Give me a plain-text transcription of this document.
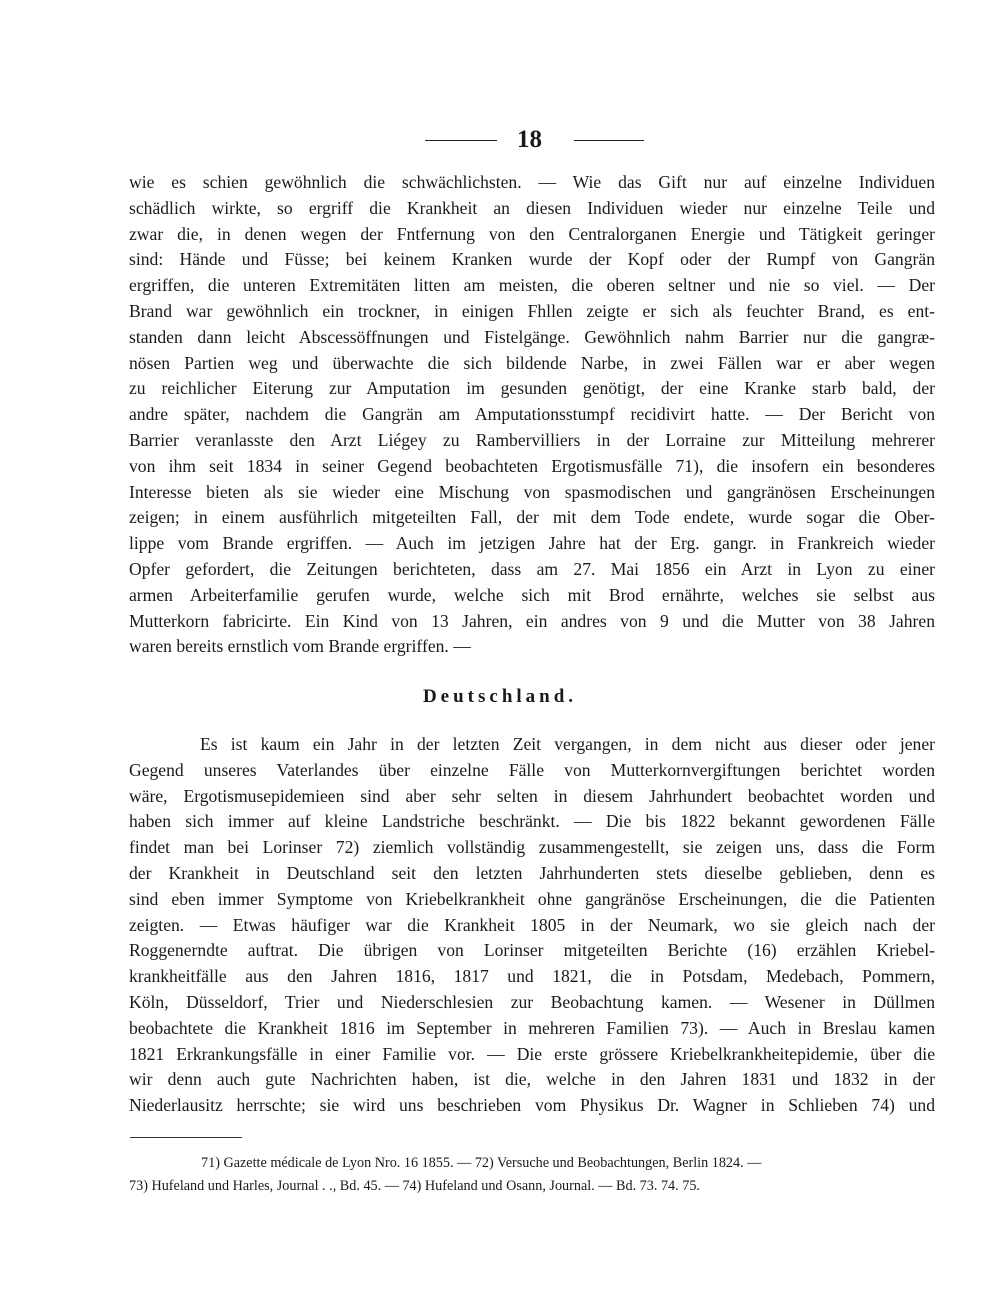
18
wie es schien gewöhnlich die schwächlichsten. — Wie das Gift nur auf einzelne Individuen
schädlich wirkte, so ergriff die Krankheit an diesen Individuen wieder nur einzelne Teile und
zwar die, in denen wegen der Fntfernung von den Centralorganen Energie und Tätigkeit geringer
sind: Hände und Füsse; bei keinem Kranken wurde der Kopf oder der Rumpf von Gangrän
ergriffen, die unteren Extremitäten litten am meisten, die oberen seltner und nie so viel. — Der
Brand war gewöhnlich ein trockner, in einigen Fhllen zeigte er sich als feuchter Brand, es ent-
standen dann leicht Abscessöffnungen und Fistelgänge. Gewöhnlich nahm Barrier nur die gangræ-
nösen Partien weg und überwachte die sich bildende Narbe, in zwei Fällen war er aber wegen
zu reichlicher Eiterung zur Amputation im gesunden genötigt, der eine Kranke starb bald, der
andre später, nachdem die Gangrän am Amputationsstumpf recidivirt hatte. — Der Bericht von
Barrier veranlasste den Arzt Liégey zu Rambervilliers in der Lorraine zur Mitteilung mehrerer
von ihm seit 1834 in seiner Gegend beobachteten Ergotismusfälle 71), die insofern ein besonderes
Interesse bieten als sie wieder eine Mischung von spasmodischen und gangränösen Erscheinungen
zeigen; in einem ausführlich mitgeteilten Fall, der mit dem Tode endete, wurde sogar die Ober-
lippe vom Brande ergriffen. — Auch im jetzigen Jahre hat der Erg. gangr. in Frankreich wieder
Opfer gefordert, die Zeitungen berichteten, dass am 27. Mai 1856 ein Arzt in Lyon zu einer
armen Arbeiterfamilie gerufen wurde, welche sich mit Brod ernährte, welches sie selbst aus
Mutterkorn fabricirte. Ein Kind von 13 Jahren, ein andres von 9 und die Mutter von 38 Jahren
waren bereits ernstlich vom Brande ergriffen. —
Deutschland.
Es ist kaum ein Jahr in der letzten Zeit vergangen, in dem nicht aus dieser oder jener
Gegend unseres Vaterlandes über einzelne Fälle von Mutterkornvergiftungen berichtet worden
wäre, Ergotismusepidemieen sind aber sehr selten in diesem Jahrhundert beobachtet worden und
haben sich immer auf kleine Landstriche beschränkt. — Die bis 1822 bekannt gewordenen Fälle
findet man bei Lorinser 72) ziemlich vollständig zusammengestellt, sie zeigen uns, dass die Form
der Krankheit in Deutschland seit den letzten Jahrhunderten stets dieselbe geblieben, denn es
sind eben immer Symptome von Kriebelkrankheit ohne gangränöse Erscheinungen, die die Patienten
zeigten. — Etwas häufiger war die Krankheit 1805 in der Neumark, wo sie gleich nach der
Roggenerndte auftrat. Die übrigen von Lorinser mitgeteilten Berichte (16) erzählen Kriebel-
krankheitfälle aus den Jahren 1816, 1817 und 1821, die in Potsdam, Medebach, Pommern,
Köln, Düsseldorf, Trier und Niederschlesien zur Beobachtung kamen. — Wesener in Düllmen
beobachtete die Krankheit 1816 im September in mehreren Familien 73). — Auch in Breslau kamen
1821 Erkrankungsfälle in einer Familie vor. — Die erste grössere Kriebelkrankheitepidemie, über die
wir denn auch gute Nachrichten haben, ist die, welche in den Jahren 1831 und 1832 in der
Niederlausitz herrschte; sie wird uns beschrieben vom Physikus Dr. Wagner in Schlieben 74) und
71) Gazette médicale de Lyon Nro. 16 1855. — 72) Versuche und Beobachtungen, Berlin 1824. —
73) Hufeland und Harles, Journal . ., Bd. 45. — 74) Hufeland und Osann, Journal. — Bd. 73. 74. 75.
